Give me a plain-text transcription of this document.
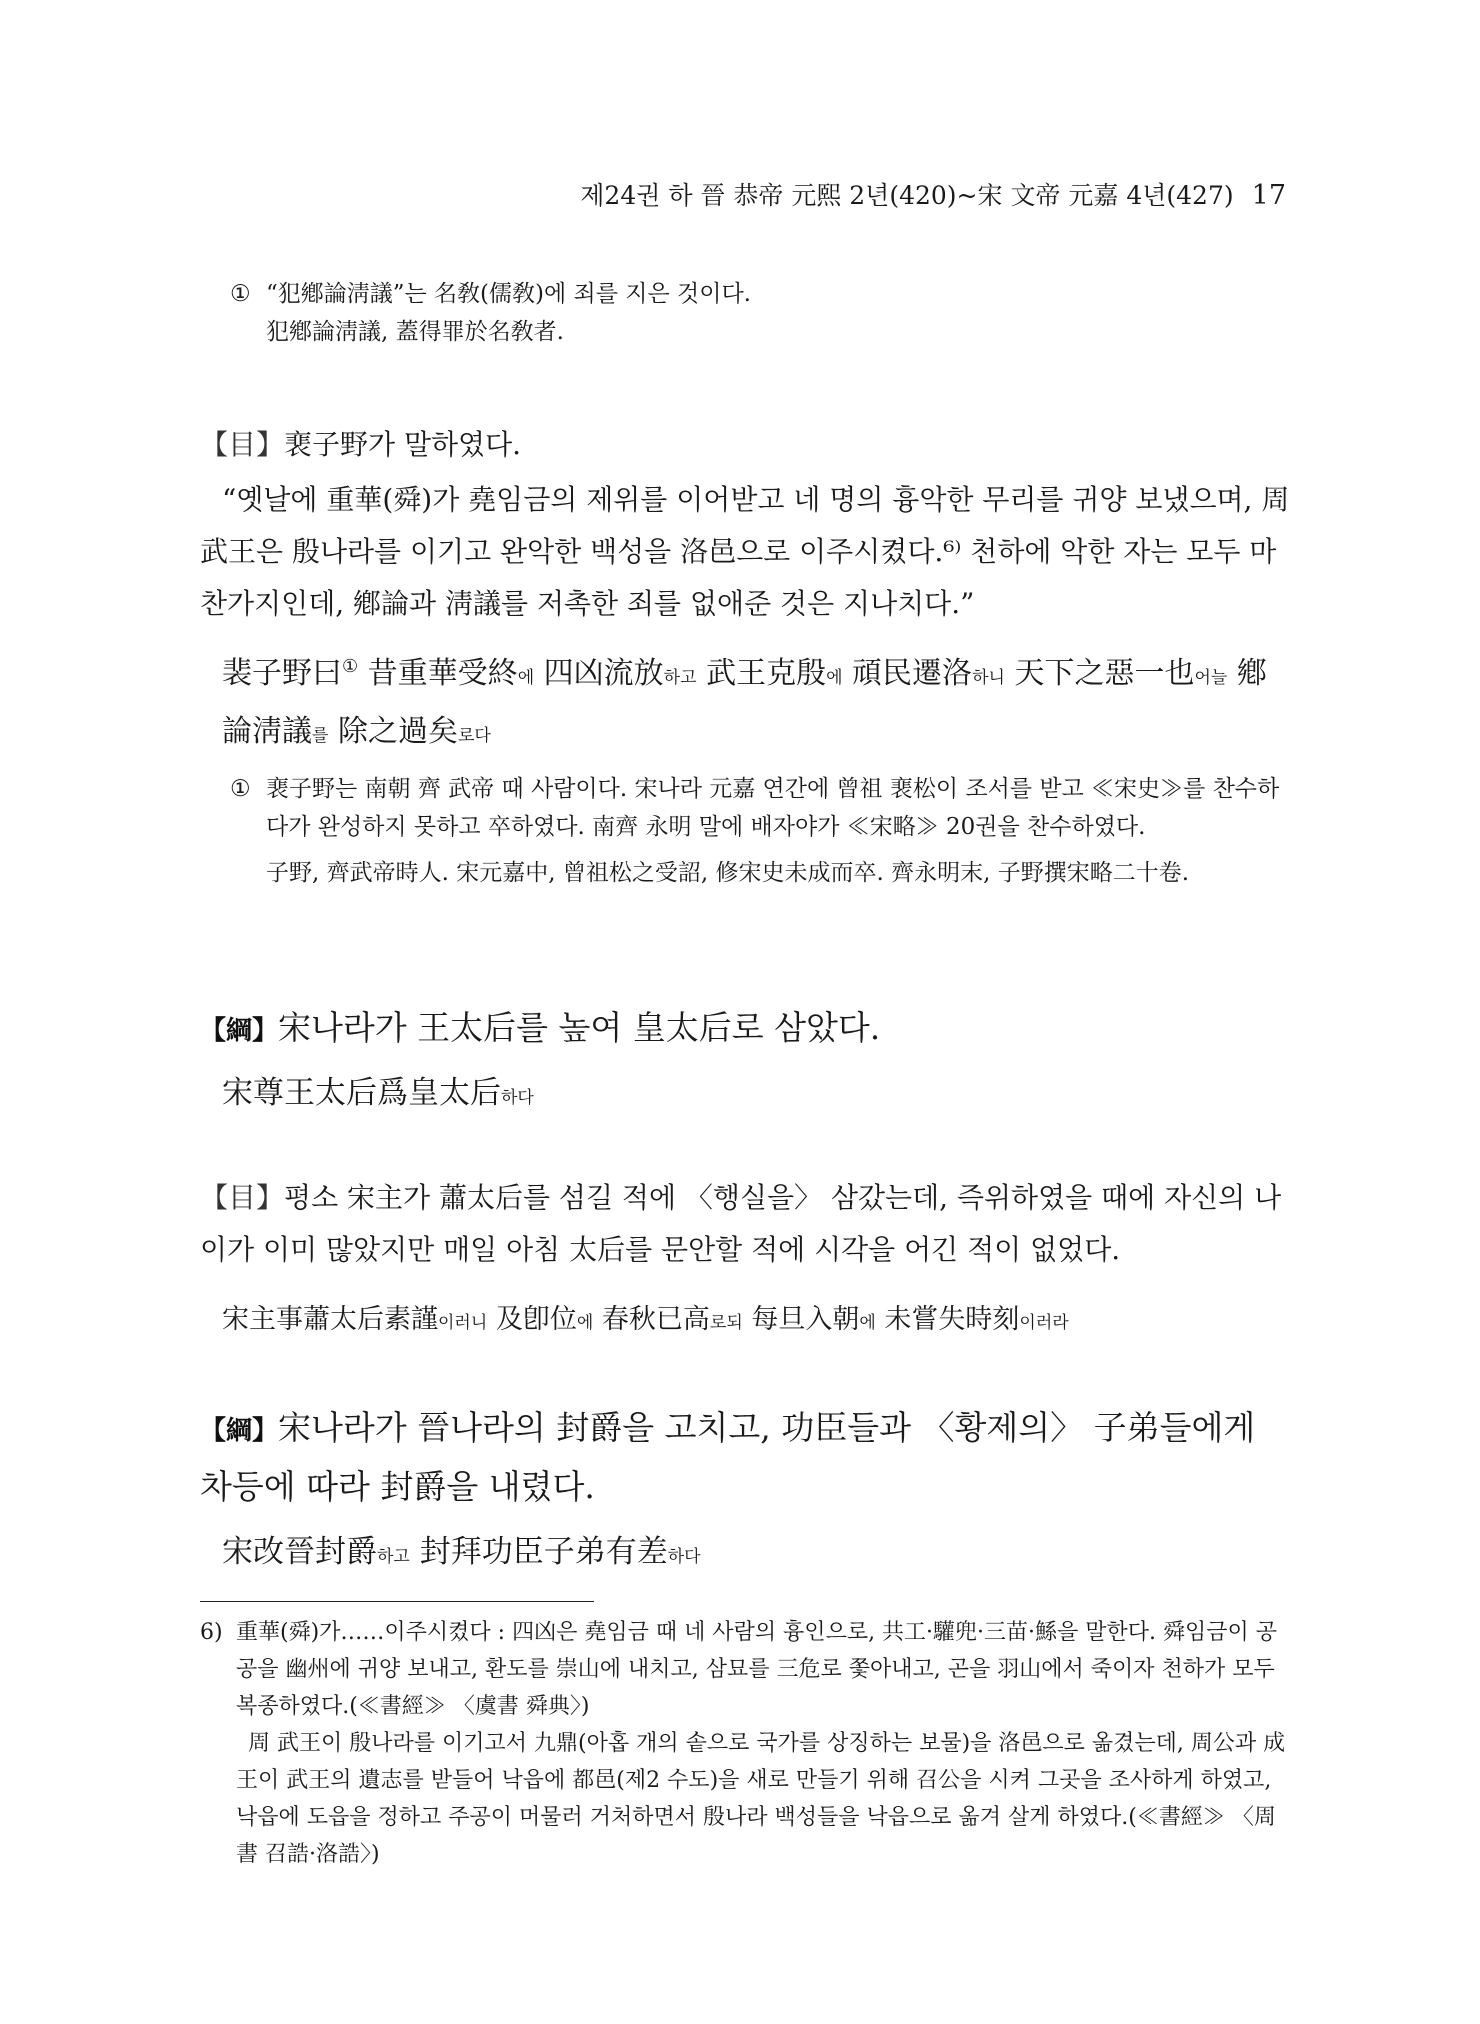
제24권 하 晉 恭帝 元熙 2년(420)~宋 文帝 元嘉 4년(427) 17
① “犯鄕論淸議”는 名敎(儒敎)에 죄를 지은 것이다.
犯鄕論淸議, 蓋得罪於名敎者.
【目】裵子野가 말하였다.
“옛날에 重華(舜)가 堯임금의 제위를 이어받고 네 명의 흉악한 무리를 귀양 보냈으며, 周 武王은 殷나라를 이기고 완악한 백성을 洛邑으로 이주시켰다.⁶⁾ 천하에 악한 자는 모두 마찬가지인데, 鄕論과 淸議를 저촉한 죄를 없애준 것은 지나치다.”
裴子野曰① 昔重華受終에 四凶流放하고 武王克殷에 頑民遷洛하니 天下之惡一也어늘 鄕論淸議를 除之過矣로다
① 裵子野는 南朝 齊 武帝 때 사람이다. 宋나라 元嘉 연간에 曾祖 裵松이 조서를 받고 ≪宋史≫를 찬수하다가 완성하지 못하고 卒하였다. 南齊 永明 말에 배자야가 ≪宋略≫ 20권을 찬수하였다.
子野, 齊武帝時人. 宋元嘉中, 曾祖松之受詔, 修宋史未成而卒. 齊永明末, 子野撰宋略二十卷.
【綱】宋나라가 王太后를 높여 皇太后로 삼았다.
宋尊王太后爲皇太后하다
【目】평소 宋主가 蕭太后를 섬길 적에 〈행실을〉 삼갔는데, 즉위하였을 때에 자신의 나이가 이미 많았지만 매일 아침 太后를 문안할 적에 시각을 어긴 적이 없었다.
宋主事蕭太后素謹이러니 及卽位에 春秋已高로되 每旦入朝에 未嘗失時刻이러라
【綱】宋나라가 晉나라의 封爵을 고치고, 功臣들과 〈황제의〉 子弟들에게 차등에 따라 封爵을 내렸다.
宋改晉封爵하고 封拜功臣子弟有差하다
6) 重華(舜)가……이주시켰다 : 四凶은 堯임금 때 네 사람의 흉인으로, 共工·驩兜·三苗·鯀을 말한다. 舜임금이 공공을 幽州에 귀양 보내고, 환도를 崇山에 내치고, 삼묘를 三危로 쫓아내고, 곤을 羽山에서 죽이자 천하가 모두 복종하였다.(≪書經≫ 〈虞書 舜典〉)
周 武王이 殷나라를 이기고서 九鼎(아홉 개의 솥으로 국가를 상징하는 보물)을 洛邑으로 옮겼는데, 周公과 成王이 武王의 遺志를 받들어 낙읍에 都邑(제2 수도)을 새로 만들기 위해 召公을 시켜 그곳을 조사하게 하였고, 낙읍에 도읍을 정하고 주공이 머물러 거처하면서 殷나라 백성들을 낙읍으로 옮겨 살게 하였다.(≪書經≫ 〈周書 召誥·洛誥〉)
